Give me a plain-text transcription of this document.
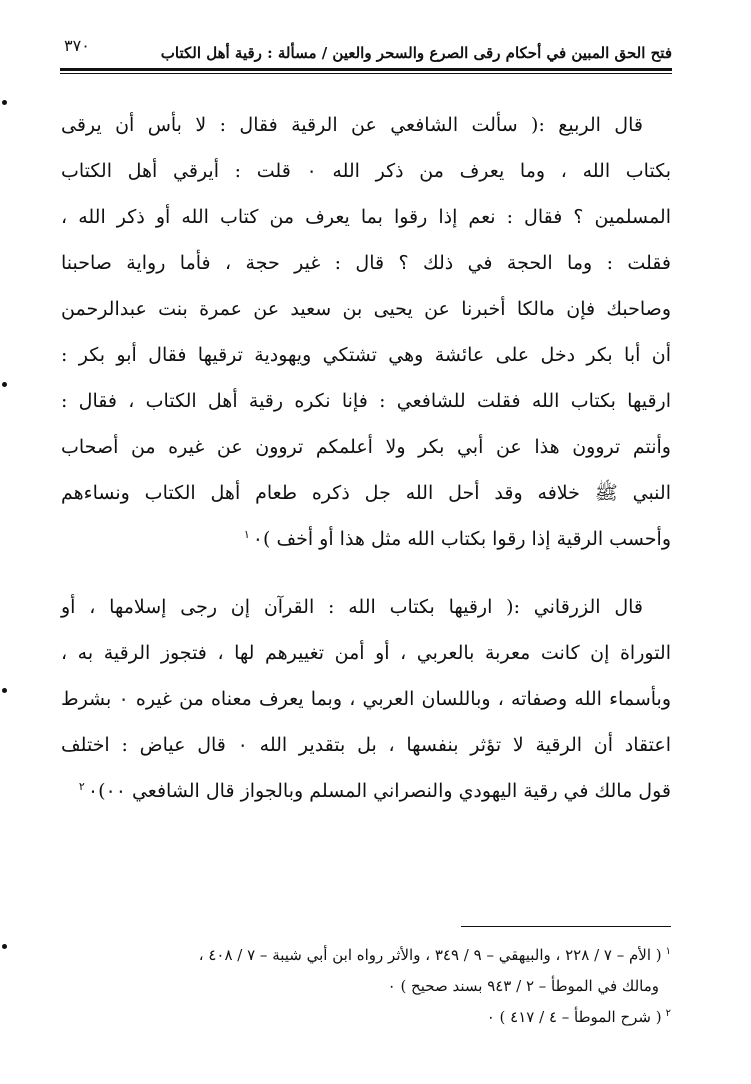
٣٧٠	فتح الحق المبين في أحكام رقى الصرع والسحر والعين / مسألة : رقية أهل الكتاب
قال الربيع :( سألت الشافعي عن الرقية فقال : لا بأس أن يرقى
بكتاب الله ، وما يعرف من ذكر الله ٠ قلت : أيرقي أهل الكتاب
المسلمين ؟ فقال : نعم إذا رقوا بما يعرف من كتاب الله أو ذكر الله ،
فقلت : وما الحجة في ذلك ؟ قال : غير حجة ، فأما رواية صاحبنا
وصاحبك فإن مالكا أخبرنا عن يحيى بن سعيد عن عمرة بنت عبدالرحمن
أن أبا بكر دخل على عائشة وهي تشتكي ويهودية ترقيها فقال أبو بكر :
ارقيها بكتاب الله فقلت للشافعي : فإنا نكره رقية أهل الكتاب ، فقال :
وأنتم تروون هذا عن أبي بكر ولا أعلمكم تروون عن غيره من أصحاب
النبي ﷺ خلافه وقد أحل الله جل ذكره طعام أهل الكتاب ونساءهم
وأحسب الرقية إذا رقوا بكتاب الله مثل هذا أو أخف )$^١$ ٠
قال الزرقاني :( ارقيها بكتاب الله : القرآن إن رجى إسلامها ، أو
التوراة إن كانت معربة بالعربي ، أو أمن تغييرهم لها ، فتجوز الرقية به ،
وبأسماء الله وصفاته ، وباللسان العربي ، وبما يعرف معناه من غيره ٠ بشرط
اعتقاد أن الرقية لا تؤثر بنفسها ، بل بتقدير الله ٠ قال عياض : اختلف
قول مالك في رقية اليهودي والنصراني المسلم وبالجواز قال الشافعي ٠٠)$^٢$ ٠
$^١$( الأم – ٧ / ٢٢٨ ، والبيهقي – ٩ / ٣٤٩ ، والأثر رواه ابن أبي شيبة – ٧ / ٤٠٨ ،
ومالك في الموطأ – ٢ / ٩٤٣ بسند صحيح ) ٠
$^٢$( شرح الموطأ – ٤ / ٤١٧ ) ٠
